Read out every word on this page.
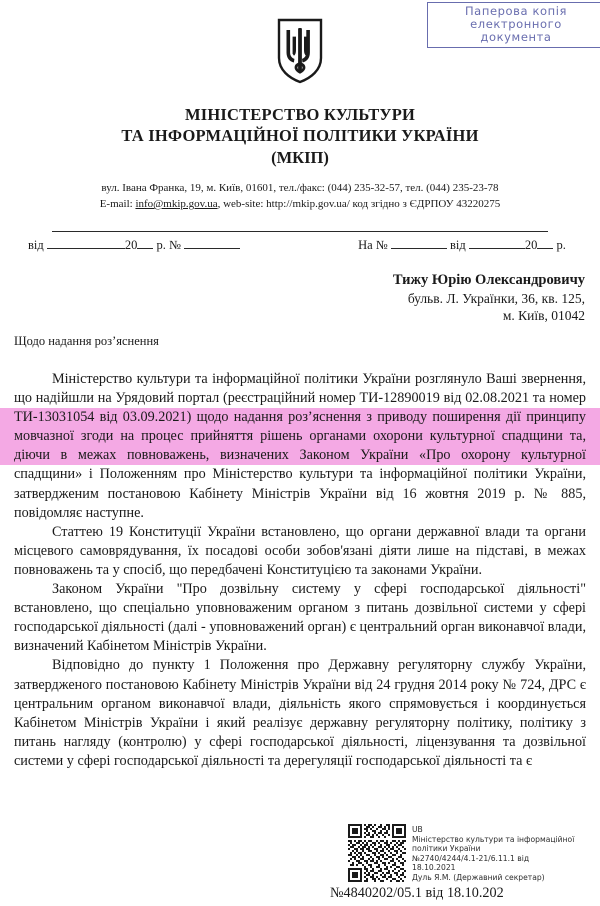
Паперова копія
електронного
документа
МІНІСТЕРСТВО КУЛЬТУРИ
ТА ІНФОРМАЦІЙНОЇ ПОЛІТИКИ УКРАЇНИ
(МКІП)
вул. Івана Франка, 19, м. Київ, 01601, тел./факс: (044) 235-32-57, тел. (044) 235-23-78
E-mail: info@mkip.gov.ua, web-site: http://mkip.gov.ua/ код згідно з ЄДРПОУ 43220275
від	20 р. №	На №	від	20 р.
Тижу Юрію Олександровичу
бульв. Л. Українки, 36, кв. 125,
м. Київ, 01042
Щодо надання роз’яснення

Міністерство культури та інформаційної політики України розглянуло Ваші звернення, що надійшли на Урядовий портал (реєстраційний номер ТИ-12890019 від 02.08.2021 та номер ТИ-13031054 від 03.09.2021) щодо надання роз’яснення з приводу поширення дії принципу мовчазної згоди на процес прийняття рішень органами охорони культурної спадщини та, діючи в межах повноважень, визначених Законом України «Про охорону культурної спадщини» і Положенням про Міністерство культури та інформаційної політики України, затвердженим постановою Кабінету Міністрів України від 16 жовтня 2019 р. № 885, повідомляє наступне.

Статтею 19 Конституції України встановлено, що органи державної влади та органи місцевого самоврядування, їх посадові особи зобов'язані діяти лише на підставі, в межах повноважень та у спосіб, що передбачені Конституцією та законами України.

Законом України "Про дозвільну систему у сфері господарської діяльності" встановлено, що спеціально уповноваженим органом з питань дозвільної системи у сфері господарської діяльності (далі - уповноважений орган) є центральний орган виконавчої влади, визначений Кабінетом Міністрів України.

Відповідно до пункту 1 Положення про Державну регуляторну службу України, затвердженого постановою Кабінету Міністрів України від 24 грудня 2014 року № 724, ДРС є центральним органом виконавчої влади, діяльність якого спрямовується і координується Кабінетом Міністрів України і який реалізує державну регуляторну політику, політику з питань нагляду (контролю) у сфері господарської діяльності, ліцензування та дозвільної системи у сфері господарської діяльності та дерегуляції господарської діяльності та є

№4840202/05.1 від 18.10.202
UB
Міністерство культури та інформаційної
політики України
№2740/4244/4.1-21/6.11.1 від
18.10.2021
Дуль Я.М. (Державний секретар)
